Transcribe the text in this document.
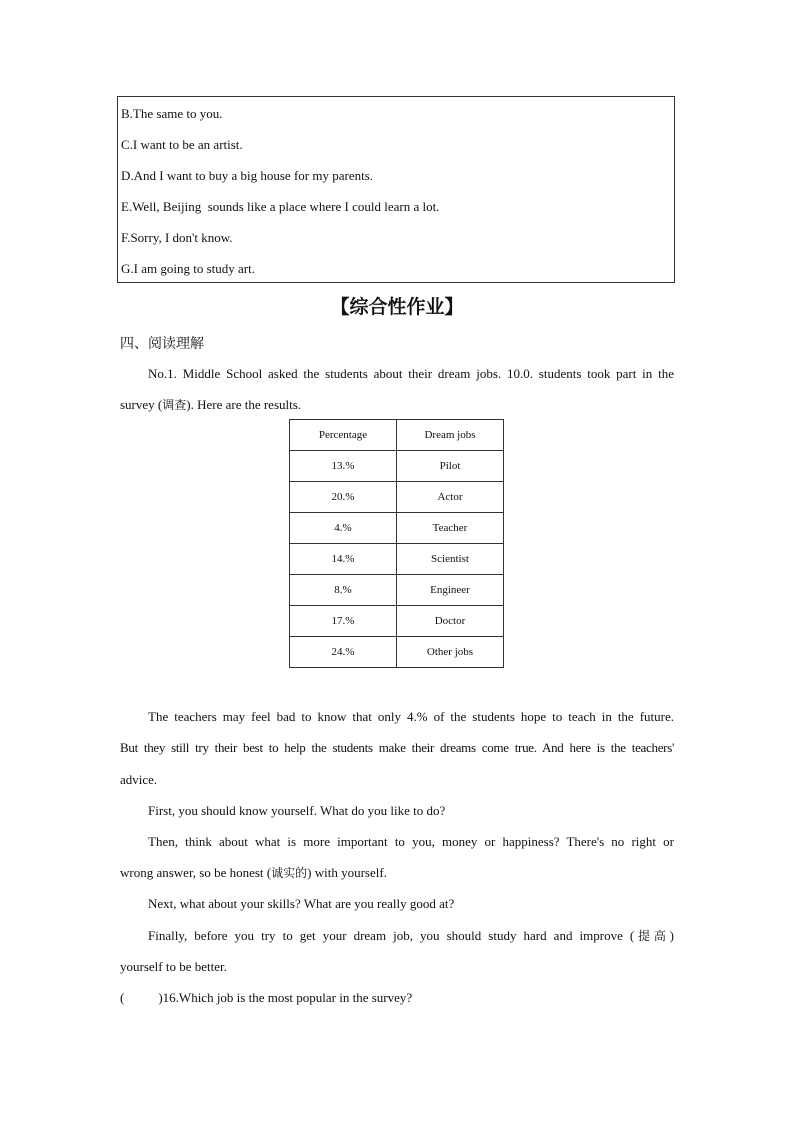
B.The same to you.
C.I want to be an artist.
D.And I want to buy a big house for my parents.
E.Well, Beijing  sounds like a place where I could learn a lot.
F.Sorry, I don't know.
G.I am going to study art.
【综合性作业】
四、阅读理解
No.1. Middle School asked the students about their dream jobs. 10.0. students took part in the
survey (调查). Here are the results.
Percentage	Dream jobs
13.%	Pilot
20.%	Actor
4.%	Teacher
14.%	Scientist
8.%	Engineer
17.%	Doctor
24.%	Other jobs
The teachers may feel bad to know that only 4.% of the students hope to teach in the future.
But they still try their best to help the students make their dreams come true. And here is the teachers'
advice.
First, you should know yourself. What do you like to do?
Then, think about what is more important to you, money or happiness? There's no right or
wrong answer, so be honest (诚实的) with yourself.
Next, what about your skills? What are you really good at?
Finally, before you try to get your dream job, you should study hard and improve (提高)
yourself to be better.
(	)16.Which job is the most popular in the survey?
